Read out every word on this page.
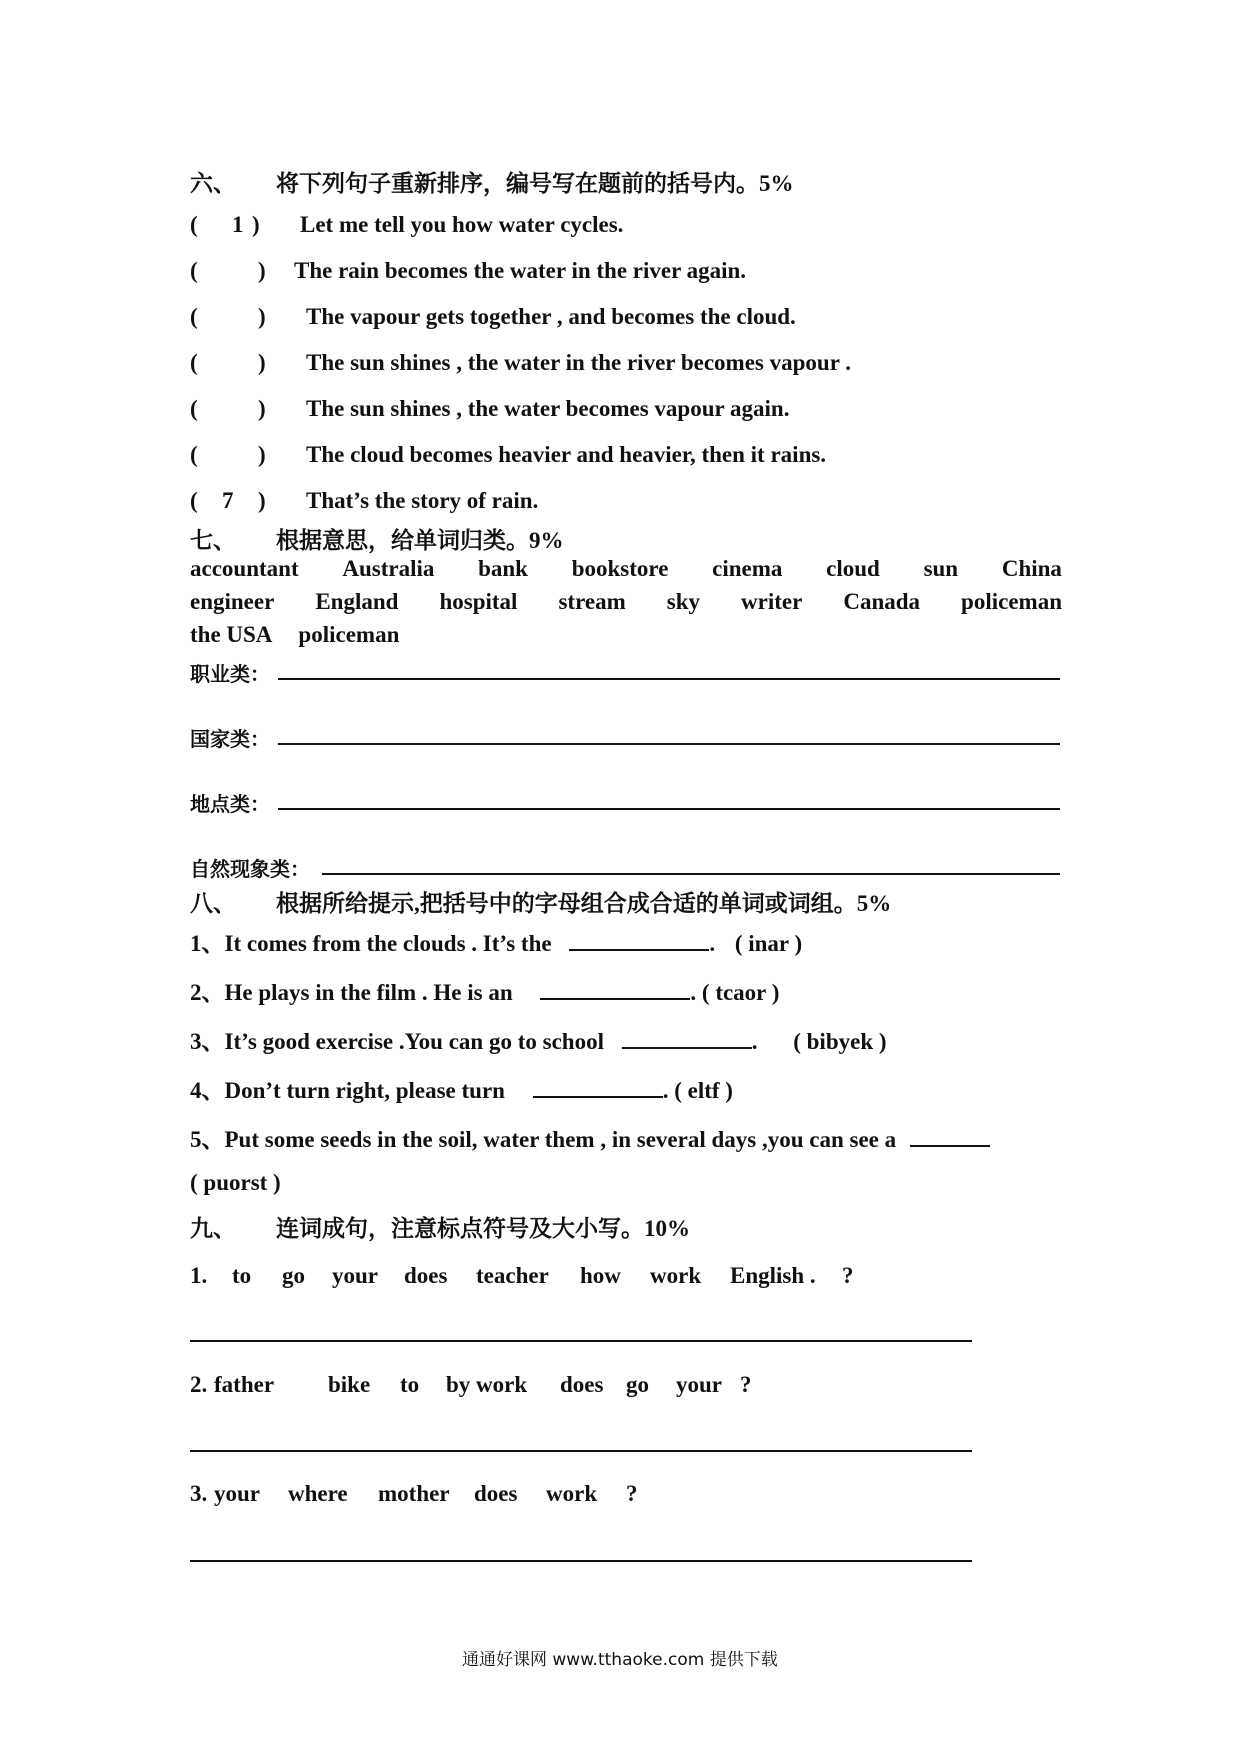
六、 将下列句子重新排序，编号写在题前的括号内。5%
( 1 ) Let me tell you how water cycles.
(	) The rain becomes the water in the river again.
(	) The vapour gets together , and becomes the cloud.
(	) The sun shines , the water in the river becomes vapour .
(	) The sun shines , the water becomes vapour again.
(	) The cloud becomes heavier and heavier, then it rains.
( 7 ) That’s the story of rain.
七、 根据意思，给单词归类。9%
accountant Australia bank bookstore cinema cloud sun China
engineer England hospital stream sky writer Canada policeman
the USA policeman
职业类：
国家类：
地点类：
自然现象类：
八、 根据所给提示,把括号中的字母组合成合适的单词或词组。5%
1、It comes from the clouds . It’s the	. ( inar )
2、He plays in the film . He is an	. ( tcaor )
3、It’s good exercise .You can go to school	. ( bibyek )
4、Don’t turn right, please turn	. ( eltf )
5、Put some seeds in the soil, water them , in several days ,you can see a
( puorst )
九、 连词成句，注意标点符号及大小写。10%
1.	to	go	your	does	teacher	how	work	English .	?
2. father	bike	to	by work	does go	your ?
3. your	where	mother	does	work	?
通通好课网 www.tthaoke.com 提供下载
